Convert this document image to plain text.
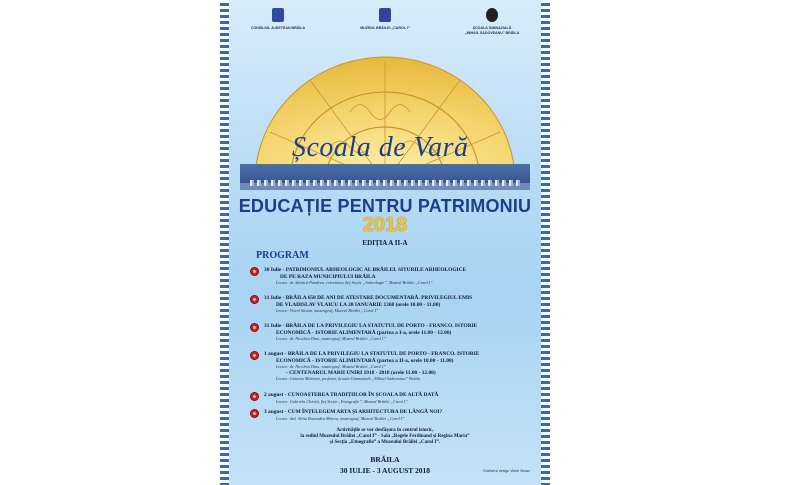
CONSILIUL JUDEȚEAN BRĂILA	MUZEUL BRĂILEI „CAROL I”	ȘCOALA GIMNAZIALĂ
„MIHAIL SADOVEANU” BRĂILA
Școala de Vară
EDUCAȚIE PENTRU PATRIMONIU
2018
EDIȚIA A II-A
PROGRAM
30 Iulie - PATRIMONIUL ARHEOLOGIC AL BRĂILEI. SITURILE ARHEOLOGICE
DE PE RAZA MUNICIPIULUI BRĂILA
Lector: dr. Stănică Pandrea, cercetător, Șef Secție „Arheologie”, Muzeul Brăilei „Carol I”
31 Iulie - BRĂILA 650 DE ANI DE ATESTARE DOCUMENTARĂ. PRIVILEGIUL EMIS
DE VLADISLAV VLAICU LA 20 IANUARIE 1368 (orele 10.00 - 11.00)
Lector: Viorel Stoian, muzeograf, Muzeul Brăilei „Carol I”
31 Iulie - BRĂILA DE LA PRIVILEGIU LA STATUTUL DE PORTO - FRANCO. ISTORIE
ECONOMICĂ - ISTORIE ALIMENTARĂ (partea a I-a, orele 11.00 - 12.00)
Lector: dr. Nicoleta Dinu, muzeograf, Muzeul Brăilei „Carol I”
1 august - BRĂILA DE LA PRIVILEGIU LA STATUTUL DE PORTO - FRANCO. ISTORIE
ECONOMICĂ - ISTORIE ALIMENTARĂ (partea a II-a, orele 10.00 - 11.00)
Lector: dr. Nicoleta Dinu, muzeograf, Muzeul Brăilei „Carol I”
- CENTENARUL MARII UNIRI 1918 - 2018 (orele 11.00 - 12.00)
Lector: Gianina Mărincă, profesor, Școala Gimnazială „Mihail Sadoveanu” Brăila
2 august - CUNOAȘTEREA TRADIȚIILOR ÎN ȘCOALA DE ALTĂ DATĂ
Lector: Gabriela Chiriță, Șef Secție „Etnografie”, Muzeul Brăilei „Carol I”
3 august - CUM ÎNȚELEGEM ARTA ȘI ARHITECTURA DE LÂNGĂ NOI?
Lector: drd. Alina Ruxandra Mircea, muzeograf, Muzeul Brăilei „Carol I”
Activitățile se vor desfășura în centrul istoric,
la sediul Muzeului Brăilei „Carol I” - Sala „Regele Ferdinand și Regina Maria”
și Secția „Etnografie” a Muzeului Brăilei „Carol I”.
BRĂILA
30 IULIE - 3 AUGUST 2018	Grafică și design Viorel Stoian
